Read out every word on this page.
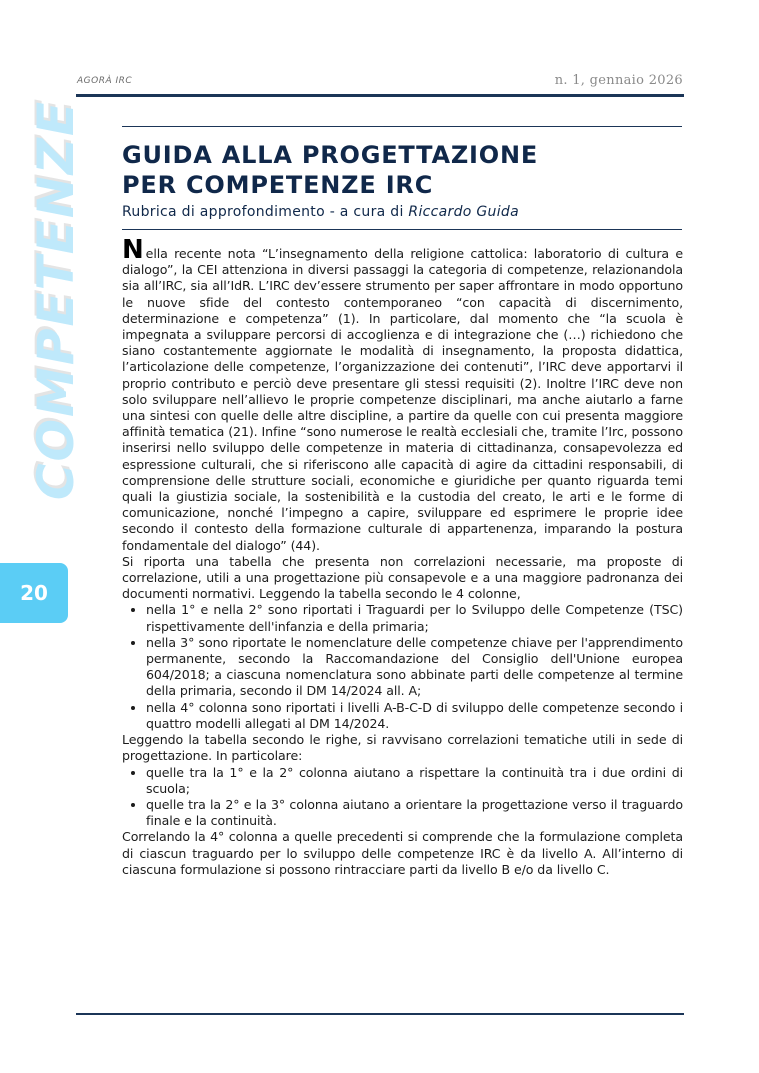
AGORÀ IRC	n. 1, gennaio 2026
COMPETENZE
20
GUIDA ALLA PROGETTAZIONE
PER COMPETENZE IRC
Rubrica di approfondimento - a cura di Riccardo Guida

Nella recente nota “L’insegnamento della religione cattolica: laboratorio di cultura e dialogo”, la CEI attenziona in diversi passaggi la categoria di competenze, relazionandola sia all’IRC, sia all’IdR. L’IRC dev’essere strumento per saper affrontare in modo opportuno le nuove sfide del contesto contemporaneo “con capacità di discernimento, determinazione e competenza” (1). In particolare, dal momento che “la scuola è impegnata a sviluppare percorsi di accoglienza e di integrazione che (…) richiedono che siano costantemente aggiornate le modalità di insegnamento, la proposta didattica, l’articolazione delle competenze, l’organizzazione dei contenuti”, l’IRC deve apportarvi il proprio contributo e perciò deve presentare gli stessi requisiti (2). Inoltre l’IRC deve non solo sviluppare nell’allievo le proprie competenze disciplinari, ma anche aiutarlo a farne una sintesi con quelle delle altre discipline, a partire da quelle con cui presenta maggiore affinità tematica (21). Infine “sono numerose le realtà ecclesiali che, tramite l’Irc, possono inserirsi nello sviluppo delle competenze in materia di cittadinanza, consapevolezza ed espressione culturali, che si riferiscono alle capacità di agire da cittadini responsabili, di comprensione delle strutture sociali, economiche e giuridiche per quanto riguarda temi quali la giustizia sociale, la sostenibilità e la custodia del creato, le arti e le forme di comunicazione, nonché l’impegno a capire, sviluppare ed esprimere le proprie idee secondo il contesto della formazione culturale di appartenenza, imparando la postura fondamentale del dialogo” (44).

Si riporta una tabella che presenta non correlazioni necessarie, ma proposte di correlazione, utili a una progettazione più consapevole e a una maggiore padronanza dei documenti normativi. Leggendo la tabella secondo le 4 colonne,

• nella 1° e nella 2° sono riportati i Traguardi per lo Sviluppo delle Competenze (TSC) rispettivamente dell'infanzia e della primaria;
• nella 3° sono riportate le nomenclature delle competenze chiave per l'apprendimento permanente, secondo la Raccomandazione del Consiglio dell'Unione europea 604/2018; a ciascuna nomenclatura sono abbinate parti delle competenze al termine della primaria, secondo il DM 14/2024 all. A;
• nella 4° colonna sono riportati i livelli A-B-C-D di sviluppo delle competenze secondo i quattro modelli allegati al DM 14/2024.

Leggendo la tabella secondo le righe, si ravvisano correlazioni tematiche utili in sede di progettazione. In particolare:

• quelle tra la 1° e la 2° colonna aiutano a rispettare la continuità tra i due ordini di scuola;
• quelle tra la 2° e la 3° colonna aiutano a orientare la progettazione verso il traguardo finale e la continuità.

Correlando la 4° colonna a quelle precedenti si comprende che la formulazione completa di ciascun traguardo per lo sviluppo delle competenze IRC è da livello A. All’interno di ciascuna formulazione si possono rintracciare parti da livello B e/o da livello C.
